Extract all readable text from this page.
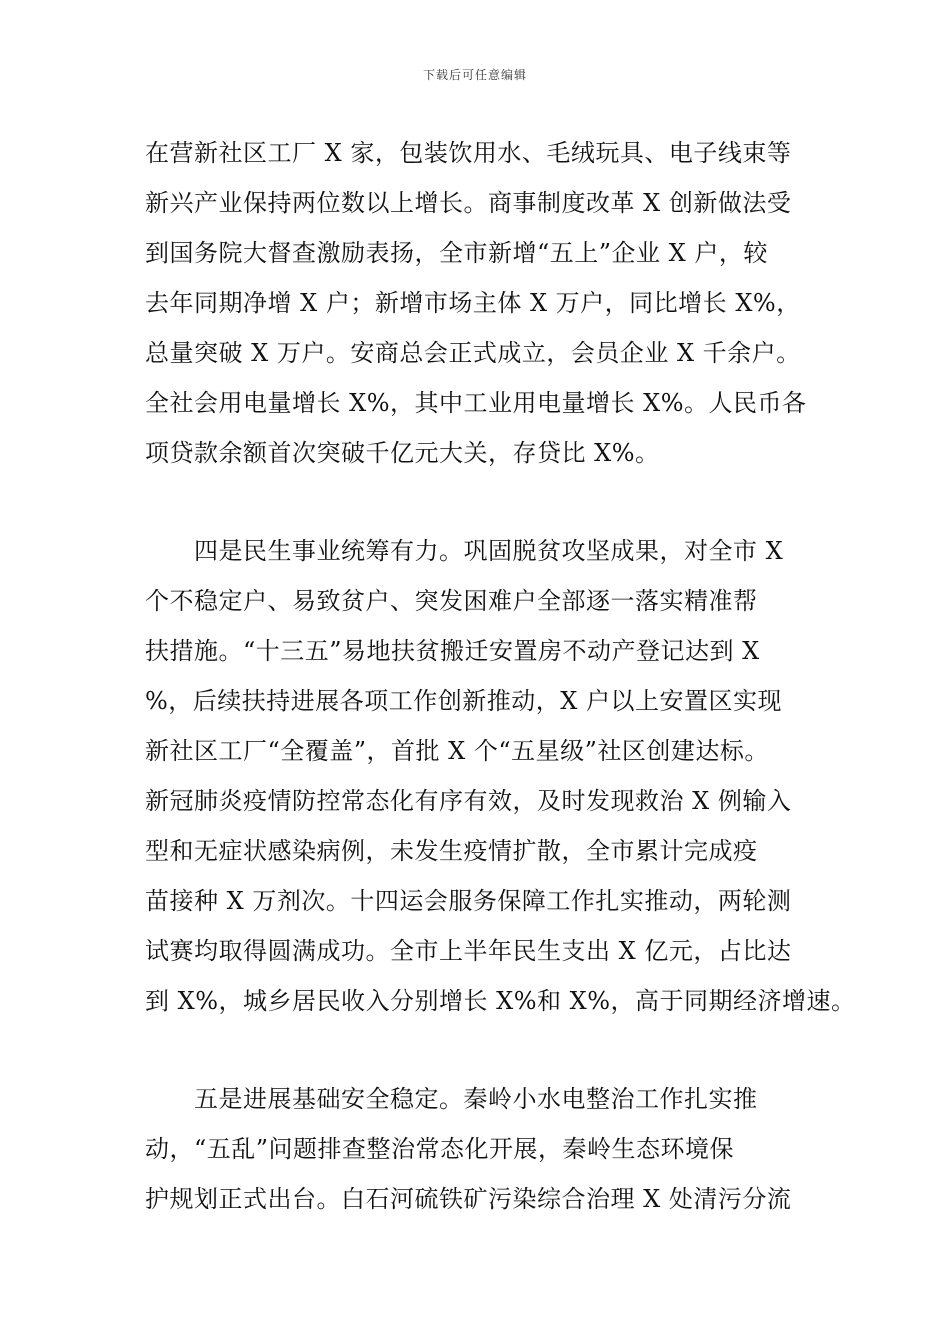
下载后可任意编辑
在营新社区工厂 X 家，包装饮用水、毛绒玩具、电子线束等
新兴产业保持两位数以上增长。商事制度改革 X 创新做法受
到国务院大督查激励表扬，全市新增“五上”企业 X 户，较
去年同期净增 X 户；新增市场主体 X 万户，同比增长 X%，
总量突破 X 万户。安商总会正式成立，会员企业 X 千余户。
全社会用电量增长 X%，其中工业用电量增长 X%。人民币各
项贷款余额首次突破千亿元大关，存贷比 X%。
　　四是民生事业统筹有力。巩固脱贫攻坚成果，对全市 X
个不稳定户、易致贫户、突发困难户全部逐一落实精准帮
扶措施。“十三五”易地扶贫搬迁安置房不动产登记达到 X
%，后续扶持进展各项工作创新推动，X 户以上安置区实现
新社区工厂“全覆盖”，首批 X 个“五星级”社区创建达标。
新冠肺炎疫情防控常态化有序有效，及时发现救治 X 例输入
型和无症状感染病例，未发生疫情扩散，全市累计完成疫
苗接种 X 万剂次。十四运会服务保障工作扎实推动，两轮测
试赛均取得圆满成功。全市上半年民生支出 X 亿元，占比达
到 X%，城乡居民收入分别增长 X%和 X%，高于同期经济增速。
　　五是进展基础安全稳定。秦岭小水电整治工作扎实推
动，“五乱”问题排查整治常态化开展，秦岭生态环境保
护规划正式出台。白石河硫铁矿污染综合治理 X 处清污分流
